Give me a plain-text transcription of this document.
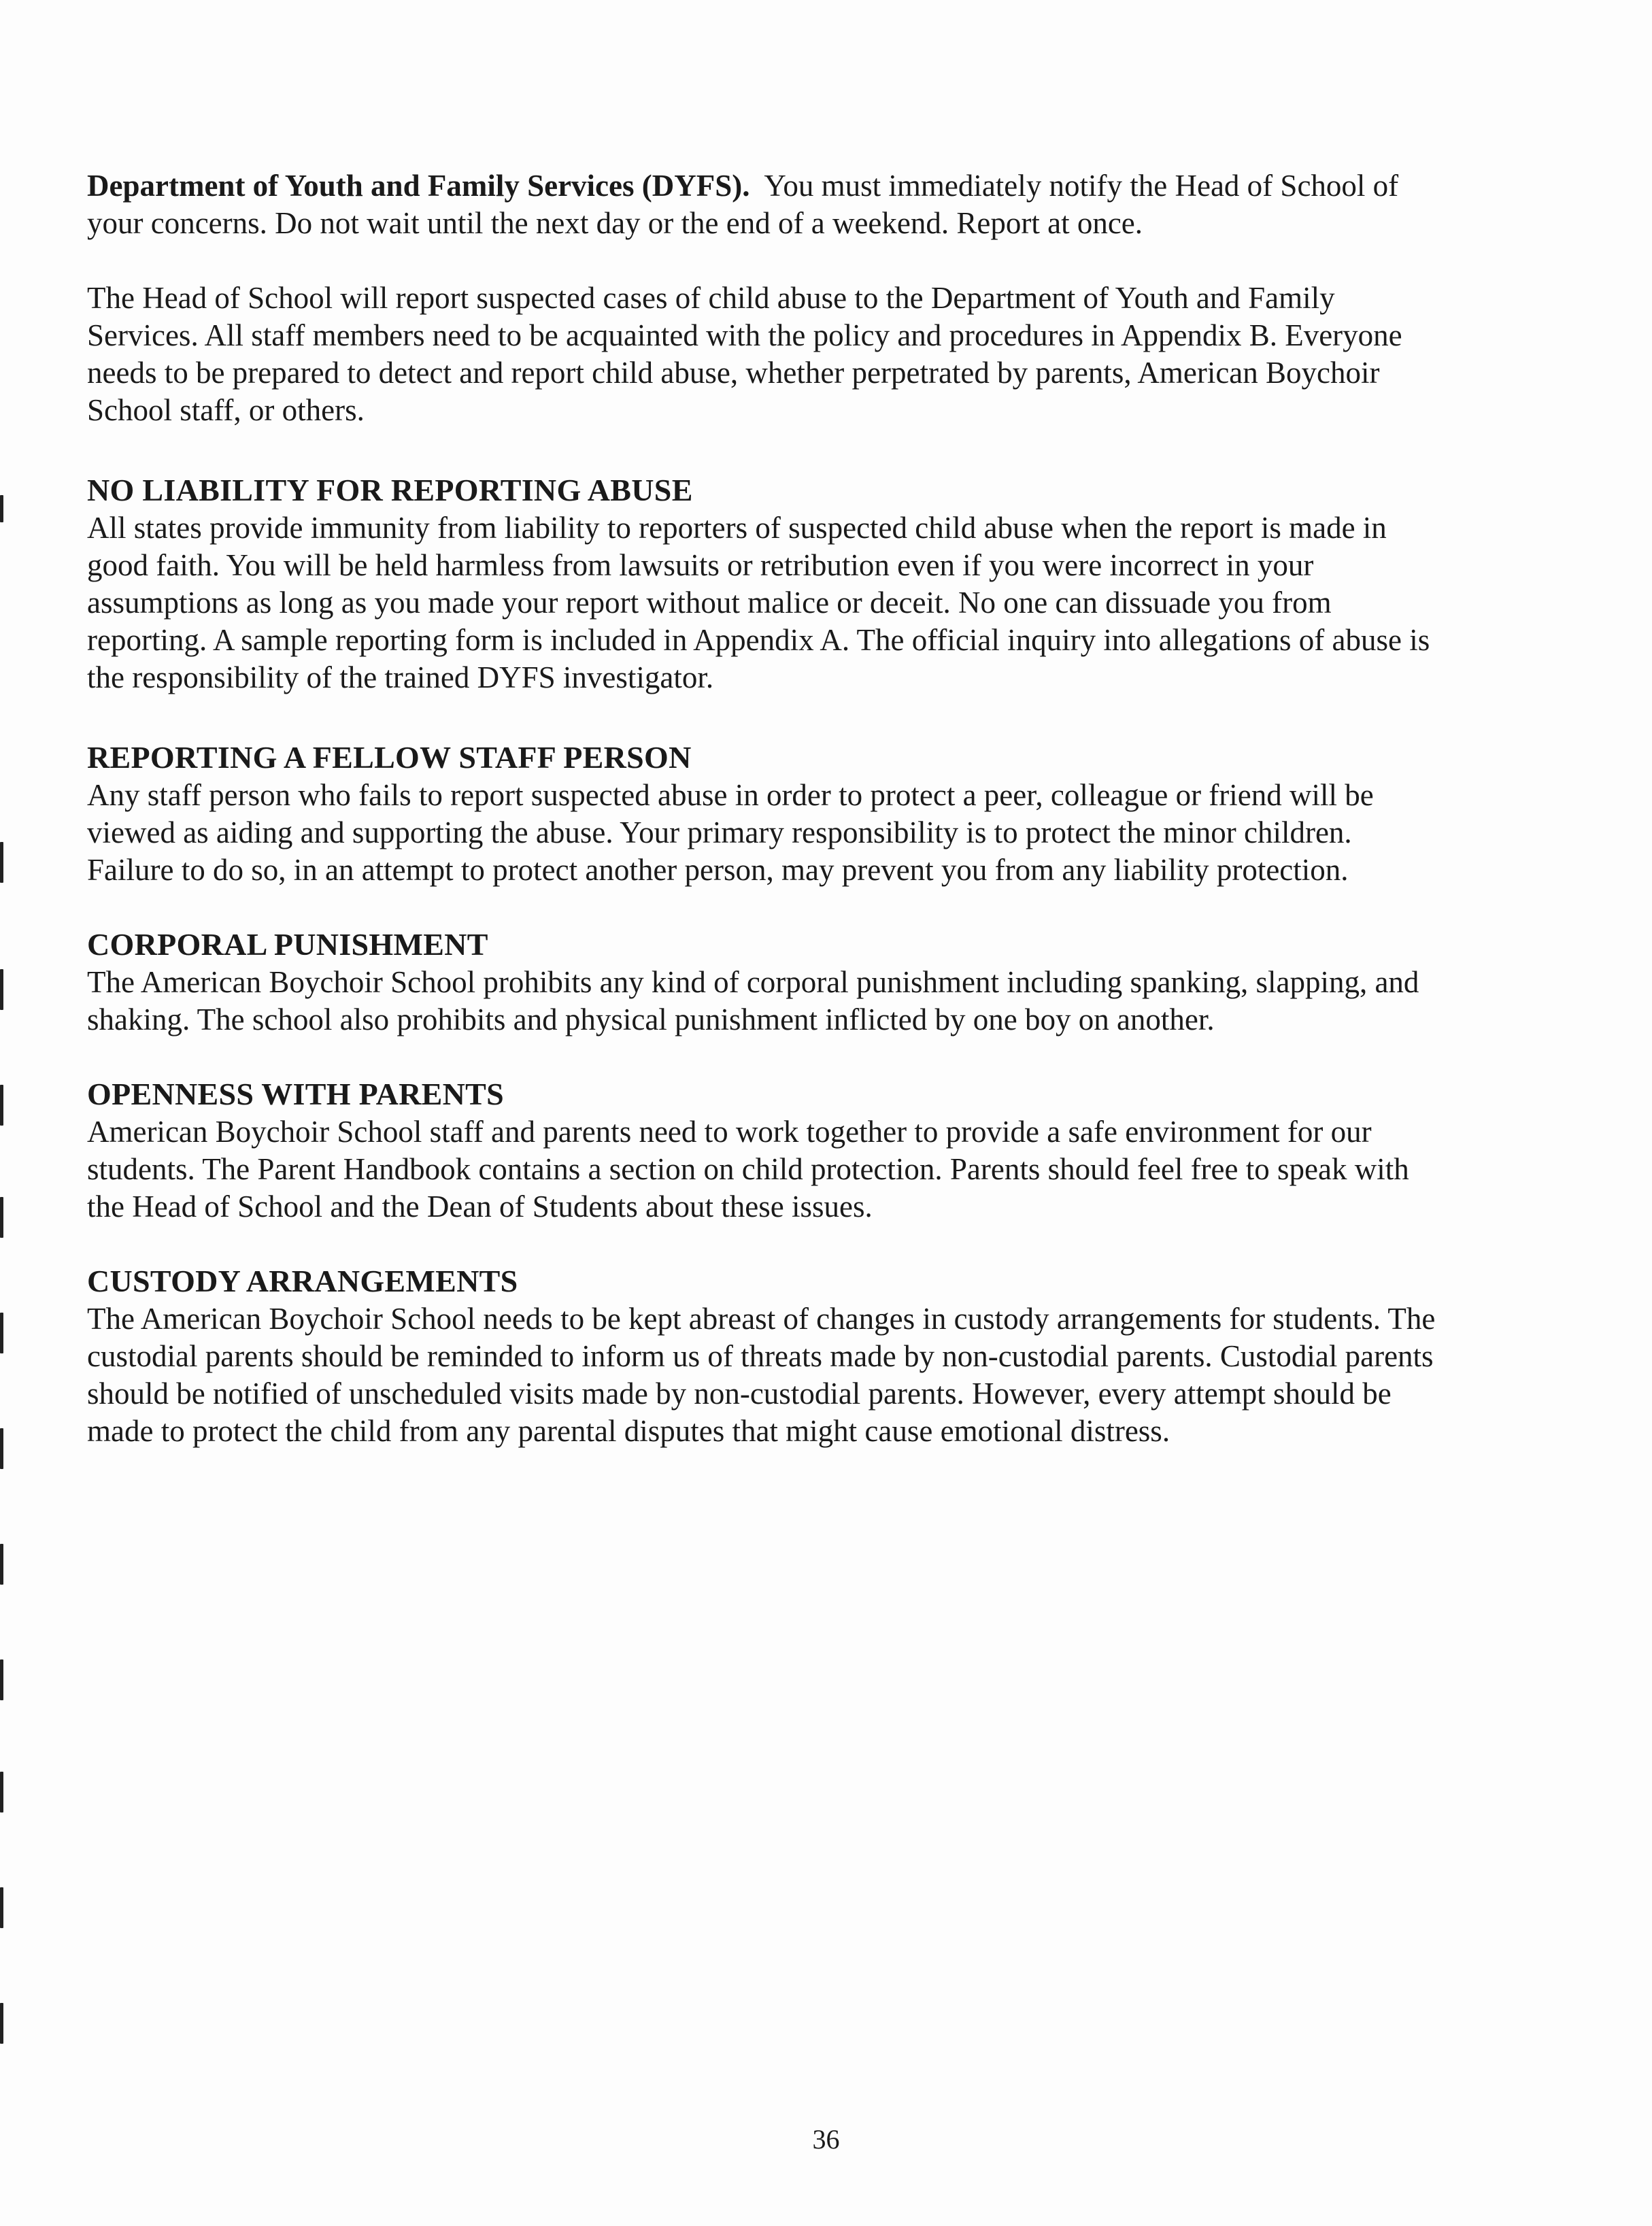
Department of Youth and Family Services (DYFS).  You must immediately notify the Head of School of
your concerns. Do not wait until the next day or the end of a weekend. Report at once.
The Head of School will report suspected cases of child abuse to the Department of Youth and Family
Services. All staff members need to be acquainted with the policy and procedures in Appendix B. Everyone
needs to be prepared to detect and report child abuse, whether perpetrated by parents, American Boychoir
School staff, or others.
NO LIABILITY FOR REPORTING ABUSE
All states provide immunity from liability to reporters of suspected child abuse when the report is made in
good faith. You will be held harmless from lawsuits or retribution even if you were incorrect in your
assumptions as long as you made your report without malice or deceit. No one can dissuade you from
reporting. A sample reporting form is included in Appendix A. The official inquiry into allegations of abuse is
the responsibility of the trained DYFS investigator.
REPORTING A FELLOW STAFF PERSON
Any staff person who fails to report suspected abuse in order to protect a peer, colleague or friend will be
viewed as aiding and supporting the abuse. Your primary responsibility is to protect the minor children.
Failure to do so, in an attempt to protect another person, may prevent you from any liability protection.
CORPORAL PUNISHMENT
The American Boychoir School prohibits any kind of corporal punishment including spanking, slapping, and
shaking. The school also prohibits and physical punishment inflicted by one boy on another.
OPENNESS WITH PARENTS
American Boychoir School staff and parents need to work together to provide a safe environment for our
students. The Parent Handbook contains a section on child protection. Parents should feel free to speak with
the Head of School and the Dean of Students about these issues.
CUSTODY ARRANGEMENTS
The American Boychoir School needs to be kept abreast of changes in custody arrangements for students. The
custodial parents should be reminded to inform us of threats made by non-custodial parents. Custodial parents
should be notified of unscheduled visits made by non-custodial parents. However, every attempt should be
made to protect the child from any parental disputes that might cause emotional distress.
36
